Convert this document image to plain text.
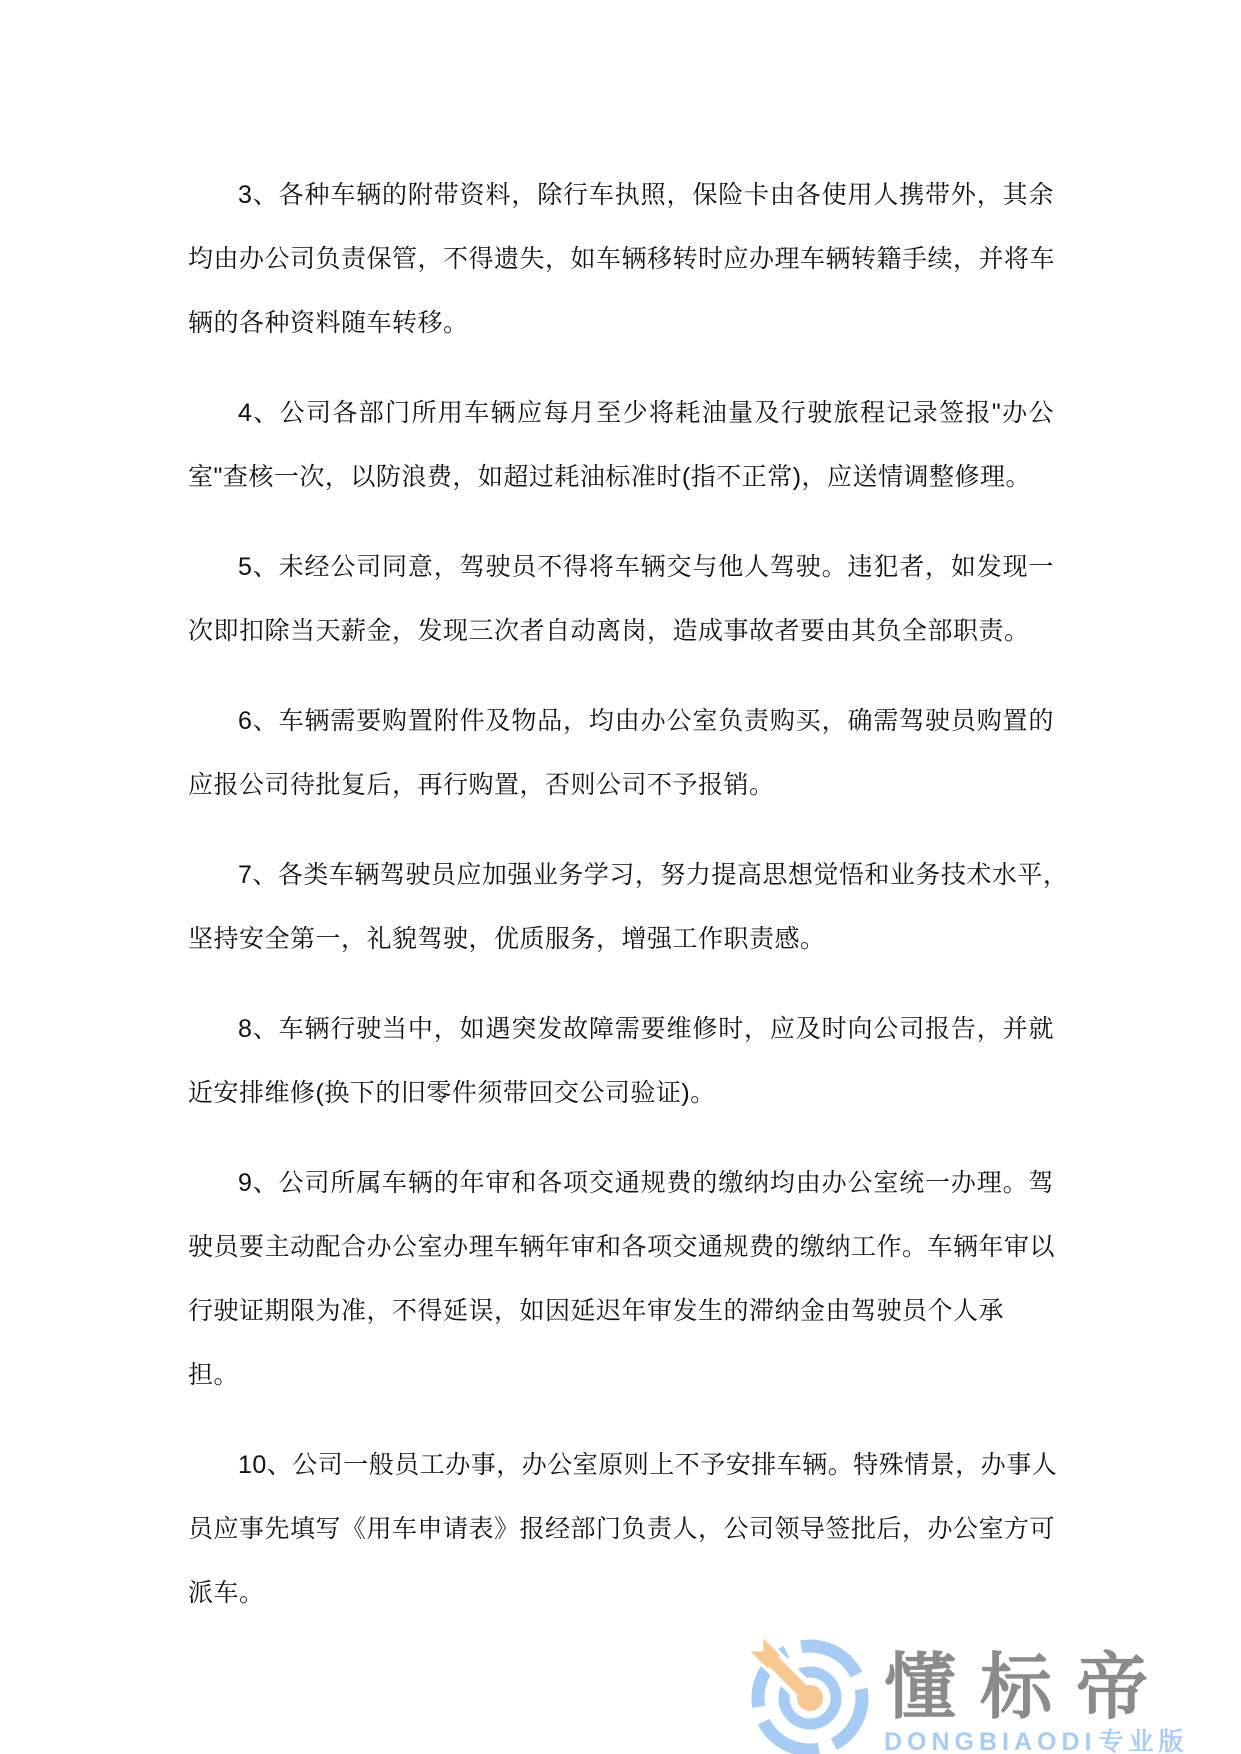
3、各种车辆的附带资料，除行车执照，保险卡由各使用人携带外，其余
均由办公司负责保管，不得遗失，如车辆移转时应办理车辆转籍手续，并将车
辆的各种资料随车转移。
4、公司各部门所用车辆应每月至少将耗油量及行驶旅程记录签报"办公
室"查核一次，以防浪费，如超过耗油标准时(指不正常)，应送情调整修理。
5、未经公司同意，驾驶员不得将车辆交与他人驾驶。违犯者，如发现一
次即扣除当天薪金，发现三次者自动离岗，造成事故者要由其负全部职责。
6、车辆需要购置附件及物品，均由办公室负责购买，确需驾驶员购置的
应报公司待批复后，再行购置，否则公司不予报销。
7、各类车辆驾驶员应加强业务学习，努力提高思想觉悟和业务技术水平，
坚持安全第一，礼貌驾驶，优质服务，增强工作职责感。
8、车辆行驶当中，如遇突发故障需要维修时，应及时向公司报告，并就
近安排维修(换下的旧零件须带回交公司验证)。
9、公司所属车辆的年审和各项交通规费的缴纳均由办公室统一办理。驾
驶员要主动配合办公室办理车辆年审和各项交通规费的缴纳工作。车辆年审以
行驶证期限为准，不得延误，如因延迟年审发生的滞纳金由驾驶员个人承担。
10、公司一般员工办事，办公室原则上不予安排车辆。特殊情景，办事人
员应事先填写《用车申请表》报经部门负责人，公司领导签批后，办公室方可
派车。
懂标帝
DONGBIAODI专业版
